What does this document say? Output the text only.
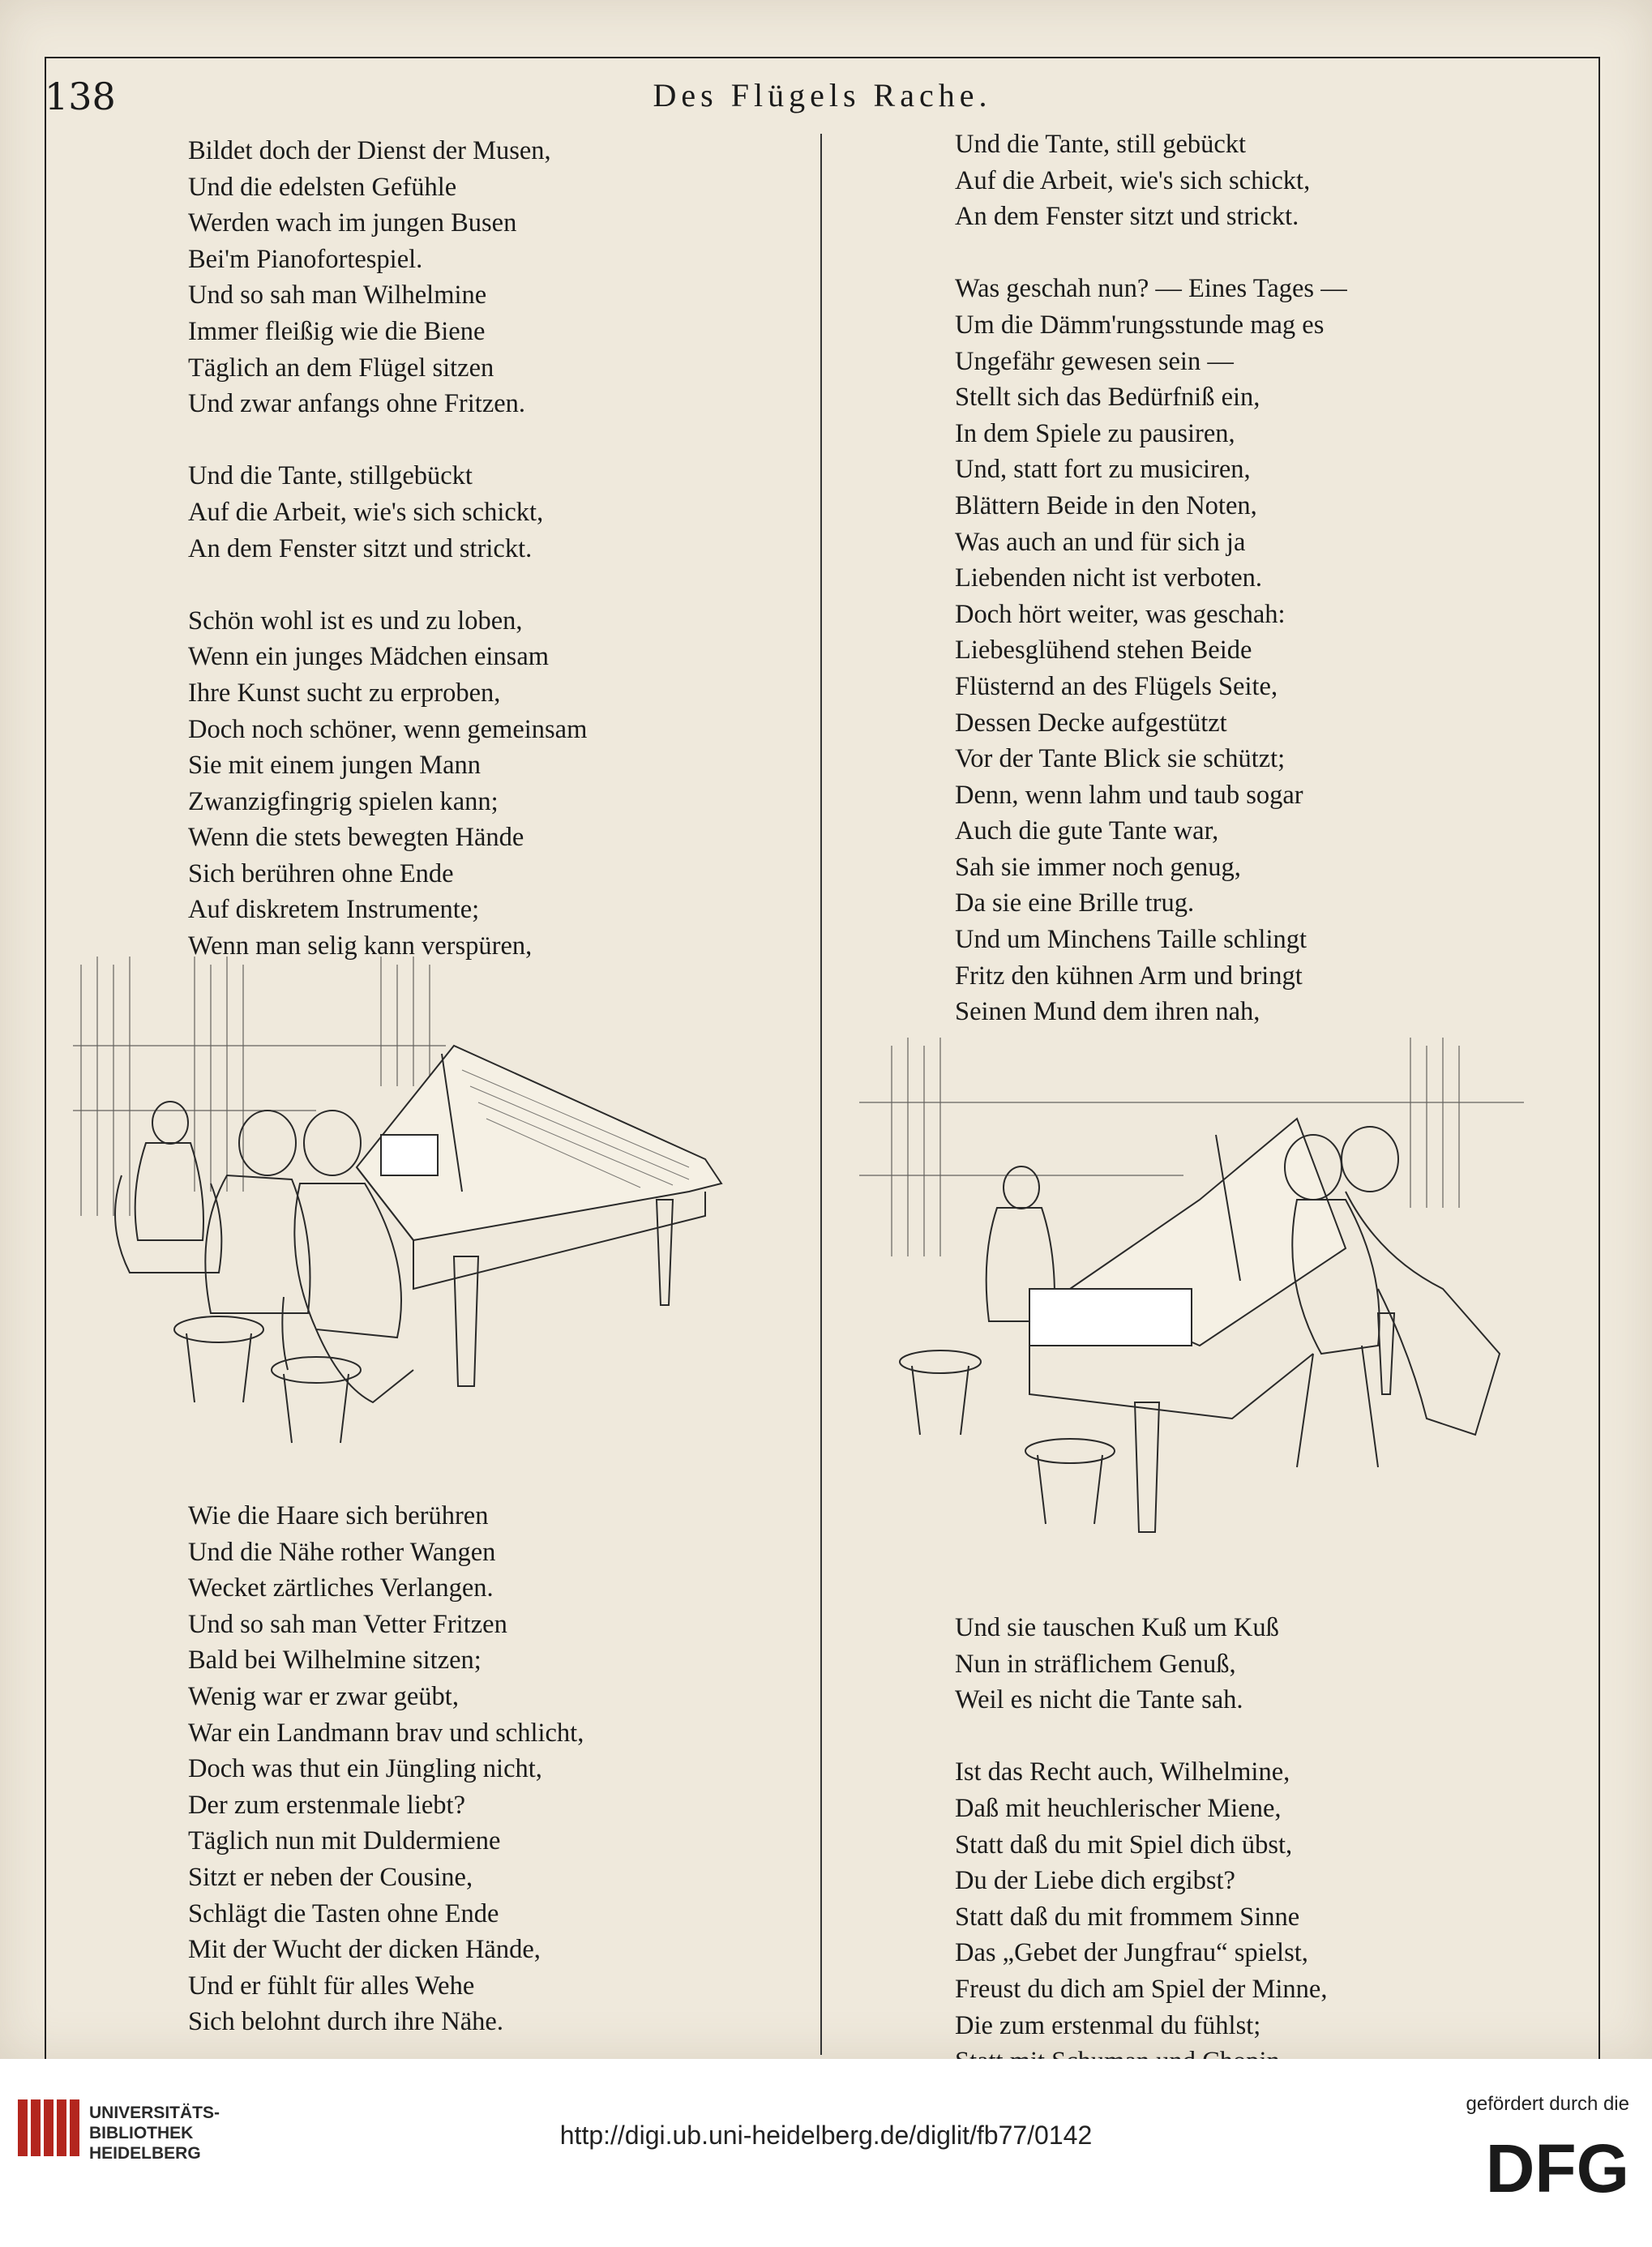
138	Des Flügels Rache.
Bildet doch der Dienst der Musen,
Und die edelsten Gefühle
Werden wach im jungen Busen
Bei'm Pianofortespiel.
Und so sah man Wilhelmine
Immer fleißig wie die Biene
Täglich an dem Flügel sitzen
Und zwar anfangs ohne Fritzen.
Und die Tante, stillgebückt
Auf die Arbeit, wie's sich schickt,
An dem Fenster sitzt und strickt.
Schön wohl ist es und zu loben,
Wenn ein junges Mädchen einsam
Ihre Kunst sucht zu erproben,
Doch noch schöner, wenn gemeinsam
Sie mit einem jungen Mann
Zwanzigfingrig spielen kann;
Wenn die stets bewegten Hände
Sich berühren ohne Ende
Auf diskretem Instrumente;
Wenn man selig kann verspüren,
Wie die Haare sich berühren
Und die Nähe rother Wangen
Wecket zärtliches Verlangen.
Und so sah man Vetter Fritzen
Bald bei Wilhelmine sitzen;
Wenig war er zwar geübt,
War ein Landmann brav und schlicht,
Doch was thut ein Jüngling nicht,
Der zum erstenmale liebt?
Täglich nun mit Duldermiene
Sitzt er neben der Cousine,
Schlägt die Tasten ohne Ende
Mit der Wucht der dicken Hände,
Und er fühlt für alles Wehe
Sich belohnt durch ihre Nähe.
Und die Tante, still gebückt
Auf die Arbeit, wie's sich schickt,
An dem Fenster sitzt und strickt.
Was geschah nun? — Eines Tages —
Um die Dämm'rungsstunde mag es
Ungefähr gewesen sein —
Stellt sich das Bedürfniß ein,
In dem Spiele zu pausiren,
Und, statt fort zu musiciren,
Blättern Beide in den Noten,
Was auch an und für sich ja
Liebenden nicht ist verboten.
Doch hört weiter, was geschah:
Liebesglühend stehen Beide
Flüsternd an des Flügels Seite,
Dessen Decke aufgestützt
Vor der Tante Blick sie schützt;
Denn, wenn lahm und taub sogar
Auch die gute Tante war,
Sah sie immer noch genug,
Da sie eine Brille trug.
Und um Minchens Taille schlingt
Fritz den kühnen Arm und bringt
Seinen Mund dem ihren nah,
Und sie tauschen Kuß um Kuß
Nun in sträflichem Genuß,
Weil es nicht die Tante sah.
Ist das Recht auch, Wilhelmine,
Daß mit heuchlerischer Miene,
Statt daß du mit Spiel dich übst,
Du der Liebe dich ergibst?
Statt daß du mit frommem Sinne
Das „Gebet der Jungfrau“ spielst,
Freust du dich am Spiel der Minne,
Die zum erstenmal du fühlst;
UNIVERSITÄTS-
BIBLIOTHEK
HEIDELBERG
http://digi.ub.uni-heidelberg.de/diglit/fb77/0142
gefördert durch die
DFG
